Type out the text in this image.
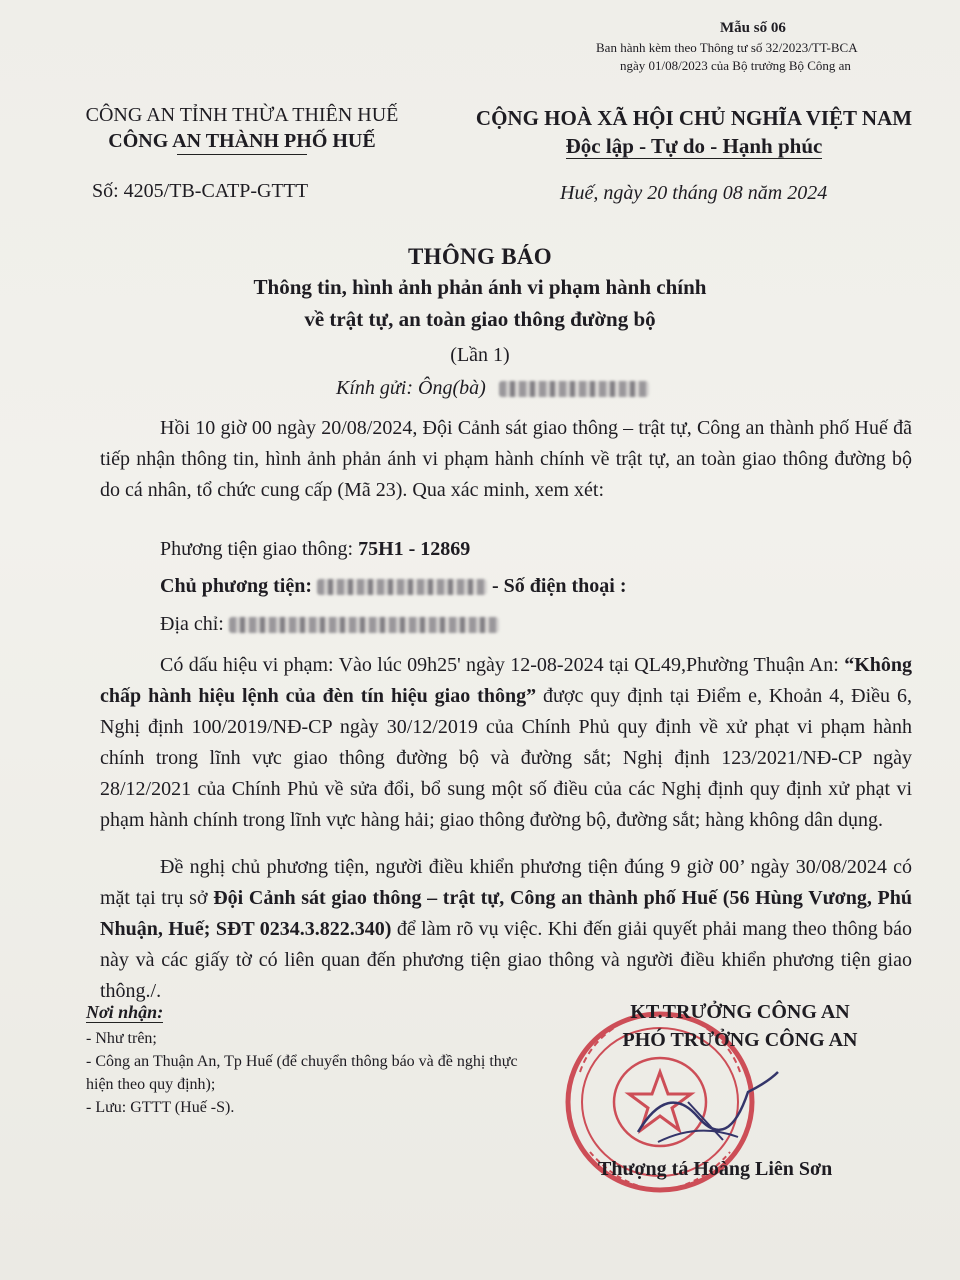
Mẫu số 06
Ban hành kèm theo Thông tư số 32/2023/TT-BCA
ngày 01/08/2023 của Bộ trưởng Bộ Công an
CÔNG AN TỈNH THỪA THIÊN HUẾ
CÔNG AN THÀNH PHỐ HUẾ
CỘNG HOÀ XÃ HỘI CHỦ NGHĨA VIỆT NAM
Độc lập - Tự do - Hạnh phúc
Số: 4205/TB-CATP-GTTT	Huế, ngày 20 tháng 08 năm 2024
THÔNG BÁO
Thông tin, hình ảnh phản ánh vi phạm hành chính
về trật tự, an toàn giao thông đường bộ
(Lần 1)
Kính gửi: Ông(bà)

Hồi 10 giờ 00 ngày 20/08/2024, Đội Cảnh sát giao thông – trật tự, Công an thành phố Huế đã tiếp nhận thông tin, hình ảnh phản ánh vi phạm hành chính về trật tự, an toàn giao thông đường bộ do cá nhân, tổ chức cung cấp (Mã 23). Qua xác minh, xem xét:

Phương tiện giao thông: 75H1 - 12869
Chủ phương tiện:	- Số điện thoại :
Địa chỉ:

Có dấu hiệu vi phạm: Vào lúc 09h25' ngày 12-08-2024 tại QL49,Phường Thuận An: “Không chấp hành hiệu lệnh của đèn tín hiệu giao thông” được quy định tại Điểm e, Khoản 4, Điều 6, Nghị định 100/2019/NĐ-CP ngày 30/12/2019 của Chính Phủ quy định về xử phạt vi phạm hành chính trong lĩnh vực giao thông đường bộ và đường sắt; Nghị định 123/2021/NĐ-CP ngày 28/12/2021 của Chính Phủ về sửa đổi, bổ sung một số điều của các Nghị định quy định xử phạt vi phạm hành chính trong lĩnh vực hàng hải; giao thông đường bộ, đường sắt; hàng không dân dụng.

Đề nghị chủ phương tiện, người điều khiển phương tiện đúng 9 giờ 00’ ngày 30/08/2024 có mặt tại trụ sở Đội Cảnh sát giao thông – trật tự, Công an thành phố Huế (56 Hùng Vương, Phú Nhuận, Huế; SĐT 0234.3.822.340) để làm rõ vụ việc. Khi đến giải quyết phải mang theo thông báo này và các giấy tờ có liên quan đến phương tiện giao thông và người điều khiển phương tiện giao thông./.

Nơi nhận:
- Như trên;
- Công an Thuận An, Tp Huế (để chuyển thông báo và đề nghị thực hiện theo quy định);
- Lưu: GTTT (Huế -S).
KT.TRƯỞNG CÔNG AN
PHÓ TRƯỞNG CÔNG AN
Thượng tá Hoàng Liên Sơn
